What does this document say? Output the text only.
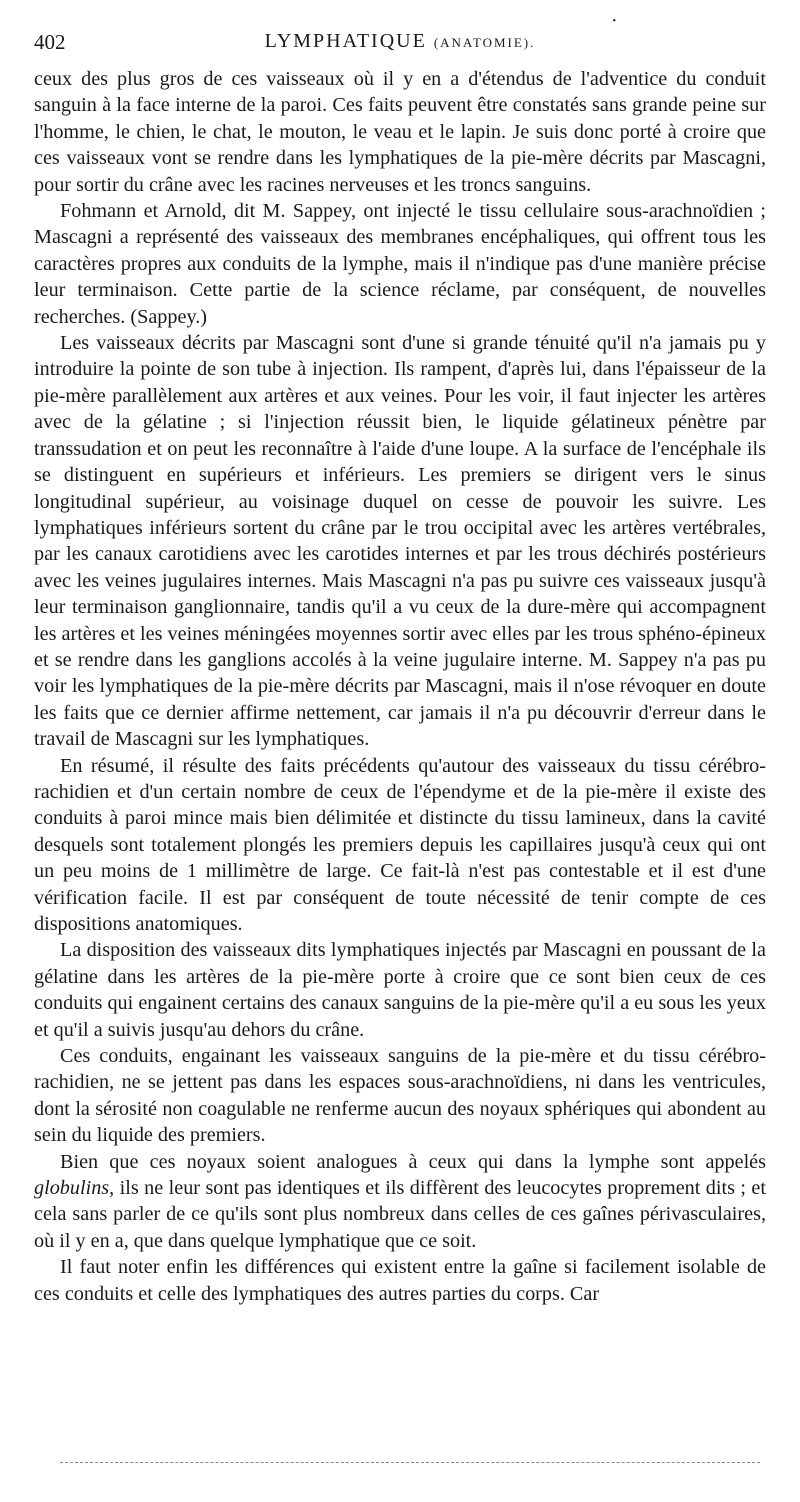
402	LYMPHATIQUE (ANATOMIE).
•

ceux des plus gros de ces vaisseaux où il y en a d'étendus de l'adventice du conduit sanguin à la face interne de la paroi. Ces faits peuvent être constatés sans grande peine sur l'homme, le chien, le chat, le mouton, le veau et le lapin. Je suis donc porté à croire que ces vaisseaux vont se rendre dans les lymphatiques de la pie-mère décrits par Mascagni, pour sortir du crâne avec les racines nerveuses et les troncs sanguins.

Fohmann et Arnold, dit M. Sappey, ont injecté le tissu cellulaire sous-arachnoïdien ; Mascagni a représenté des vaisseaux des membranes encéphaliques, qui offrent tous les caractères propres aux conduits de la lymphe, mais il n'indique pas d'une manière précise leur terminaison. Cette partie de la science réclame, par conséquent, de nouvelles recherches. (Sappey.)

Les vaisseaux décrits par Mascagni sont d'une si grande ténuité qu'il n'a jamais pu y introduire la pointe de son tube à injection. Ils rampent, d'après lui, dans l'épaisseur de la pie-mère parallèlement aux artères et aux veines. Pour les voir, il faut injecter les artères avec de la gélatine ; si l'injection réussit bien, le liquide gélatineux pénètre par transsudation et on peut les reconnaître à l'aide d'une loupe. A la surface de l'encéphale ils se distinguent en supérieurs et inférieurs. Les premiers se dirigent vers le sinus longitudinal supérieur, au voisinage duquel on cesse de pouvoir les suivre. Les lymphatiques inférieurs sortent du crâne par le trou occipital avec les artères vertébrales, par les canaux carotidiens avec les carotides internes et par les trous déchirés postérieurs avec les veines jugulaires internes. Mais Mascagni n'a pas pu suivre ces vaisseaux jusqu'à leur terminaison ganglionnaire, tandis qu'il a vu ceux de la dure-mère qui accompagnent les artères et les veines méningées moyennes sortir avec elles par les trous sphéno-épineux et se rendre dans les ganglions accolés à la veine jugulaire interne. M. Sappey n'a pas pu voir les lymphatiques de la pie-mère décrits par Mascagni, mais il n'ose révoquer en doute les faits que ce dernier affirme nettement, car jamais il n'a pu découvrir d'erreur dans le travail de Mascagni sur les lymphatiques.

En résumé, il résulte des faits précédents qu'autour des vaisseaux du tissu cérébro-rachidien et d'un certain nombre de ceux de l'épendyme et de la pie-mère il existe des conduits à paroi mince mais bien délimitée et distincte du tissu lamineux, dans la cavité desquels sont totalement plongés les premiers depuis les capillaires jusqu'à ceux qui ont un peu moins de 1 millimètre de large. Ce fait-là n'est pas contestable et il est d'une vérification facile. Il est par conséquent de toute nécessité de tenir compte de ces dispositions anatomiques.

La disposition des vaisseaux dits lymphatiques injectés par Mascagni en poussant de la gélatine dans les artères de la pie-mère porte à croire que ce sont bien ceux de ces conduits qui engainent certains des canaux sanguins de la pie-mère qu'il a eu sous les yeux et qu'il a suivis jusqu'au dehors du crâne.

Ces conduits, engainant les vaisseaux sanguins de la pie-mère et du tissu cérébro-rachidien, ne se jettent pas dans les espaces sous-arachnoïdiens, ni dans les ventricules, dont la sérosité non coagulable ne renferme aucun des noyaux sphériques qui abondent au sein du liquide des premiers.

Bien que ces noyaux soient analogues à ceux qui dans la lymphe sont appelés globulins, ils ne leur sont pas identiques et ils diffèrent des leucocytes proprement dits ; et cela sans parler de ce qu'ils sont plus nombreux dans celles de ces gaînes périvasculaires, où il y en a, que dans quelque lymphatique que ce soit.

Il faut noter enfin les différences qui existent entre la gaîne si facilement isolable de ces conduits et celle des lymphatiques des autres parties du corps. Car
